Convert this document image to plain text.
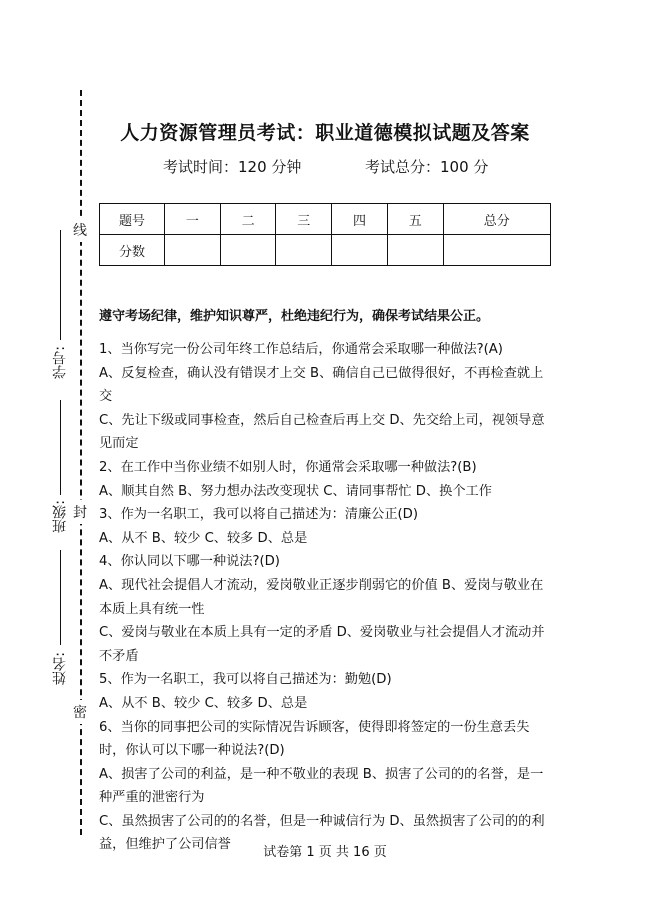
学号:
班级:
姓名:
线
封
密
人力资源管理员考试：职业道德模拟试题及答案
考试时间：120 分钟	考试总分：100 分
题号	一	二	三	四	五	总分
分数						
遵守考场纪律，维护知识尊严，杜绝违纪行为，确保考试结果公正。

1、当你写完一份公司年终工作总结后，你通常会采取哪一种做法?(A)

A、反复检查，确认没有错误才上交 B、确信自己已做得很好，不再检查就上交

C、先让下级或同事检查，然后自己检查后再上交 D、先交给上司，视领导意见而定

2、在工作中当你业绩不如别人时，你通常会采取哪一种做法?(B)

A、顺其自然 B、努力想办法改变现状 C、请同事帮忙 D、换个工作

3、作为一名职工，我可以将自己描述为：清廉公正(D)

A、从不 B、较少 C、较多 D、总是

4、你认同以下哪一种说法?(D)

A、现代社会提倡人才流动，爱岗敬业正逐步削弱它的价值 B、爱岗与敬业在本质上具有统一性

C、爱岗与敬业在本质上具有一定的矛盾 D、爱岗敬业与社会提倡人才流动并不矛盾

5、作为一名职工，我可以将自己描述为：勤勉(D)

A、从不 B、较少 C、较多 D、总是

6、当你的同事把公司的实际情况告诉顾客，使得即将签定的一份生意丢失时，你认可以下哪一种说法?(D)

A、损害了公司的利益，是一种不敬业的表现 B、损害了公司的的名誉，是一种严重的泄密行为

C、虽然损害了公司的的名誉，但是一种诚信行为 D、虽然损害了公司的的利益，但维护了公司信誉

试卷第 1 页 共 16 页
